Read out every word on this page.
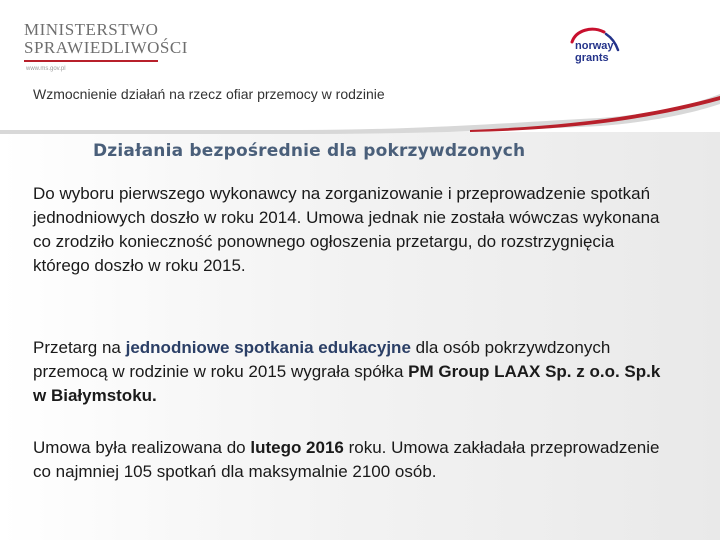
MINISTERSTWO
SPRAWIEDLIWOŚCI
www.ms.gov.pl
norway
grants
Wzmocnienie działań na rzecz ofiar przemocy w rodzinie
Działania bezpośrednie dla pokrzywdzonych
Do wyboru pierwszego wykonawcy na zorganizowanie i przeprowadzenie spotkań jednodniowych doszło w roku 2014. Umowa jednak nie została wówczas wykonana co zrodziło konieczność ponownego ogłoszenia przetargu, do rozstrzygnięcia którego doszło w roku 2015.
Przetarg na jednodniowe spotkania edukacyjne dla osób pokrzywdzonych przemocą w rodzinie w roku 2015 wygrała spółka PM Group LAAX Sp. z o.o. Sp.k w Białymstoku.
Umowa była realizowana do lutego 2016 roku. Umowa zakładała przeprowadzenie co najmniej 105 spotkań dla maksymalnie 2100 osób.
